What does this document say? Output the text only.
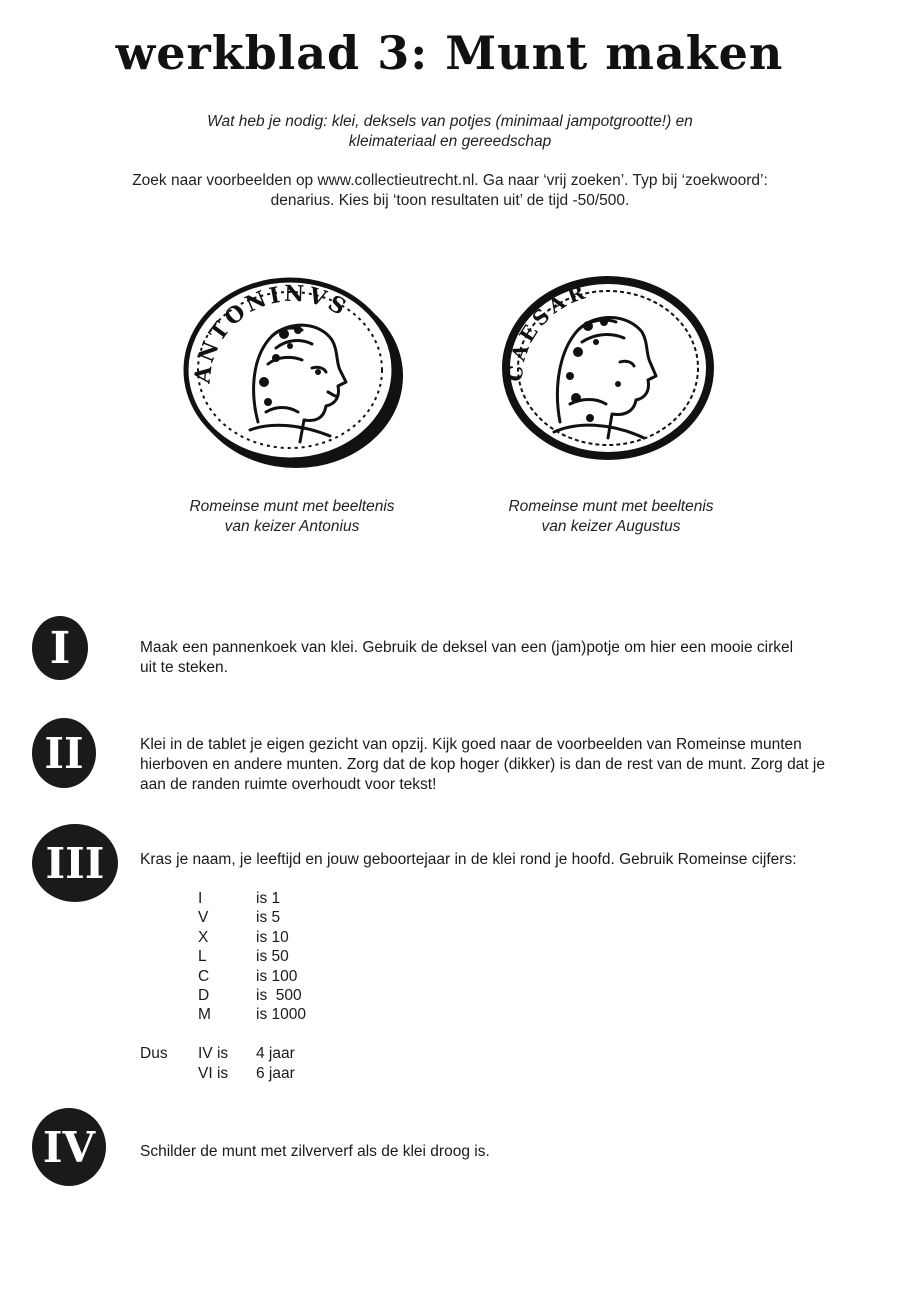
werkblad 3: Munt maken
Wat heb je nodig: klei, deksels van potjes (minimaal jampotgrootte!) en
kleimateriaal en gereedschap
Zoek naar voorbeelden op www.collectieutrecht.nl. Ga naar ‘vrij zoeken’. Typ bij ‘zoekwoord’:
denarius. Kies bij ‘toon resultaten uit’ de tijd -50/500.
ANTONINVS
Romeinse munt met beeltenis
van keizer Antonius
CAESAR
Romeinse munt met beeltenis
van keizer Augustus
I	Maak een pannenkoek van klei. Gebruik de deksel van een (jam)potje om hier een mooie cirkel
uit te steken.
II	Klei in de tablet je eigen gezicht van opzij. Kijk goed naar de voorbeelden van Romeinse munten
hierboven en andere munten. Zorg dat de kop hoger (dikker) is dan de rest van de munt. Zorg dat je
aan de randen ruimte overhoudt voor tekst!
III	Kras je naam, je leeftijd en jouw geboortejaar in de klei rond je hoofd. Gebruik Romeinse cijfers:
I	is 1
V	is 5
X	is 10
L	is 50
C	is 100
D	is  500
M	is 1000
Dus IV is 4 jaar
VI is 6 jaar
IV	Schilder de munt met zilververf als de klei droog is.
